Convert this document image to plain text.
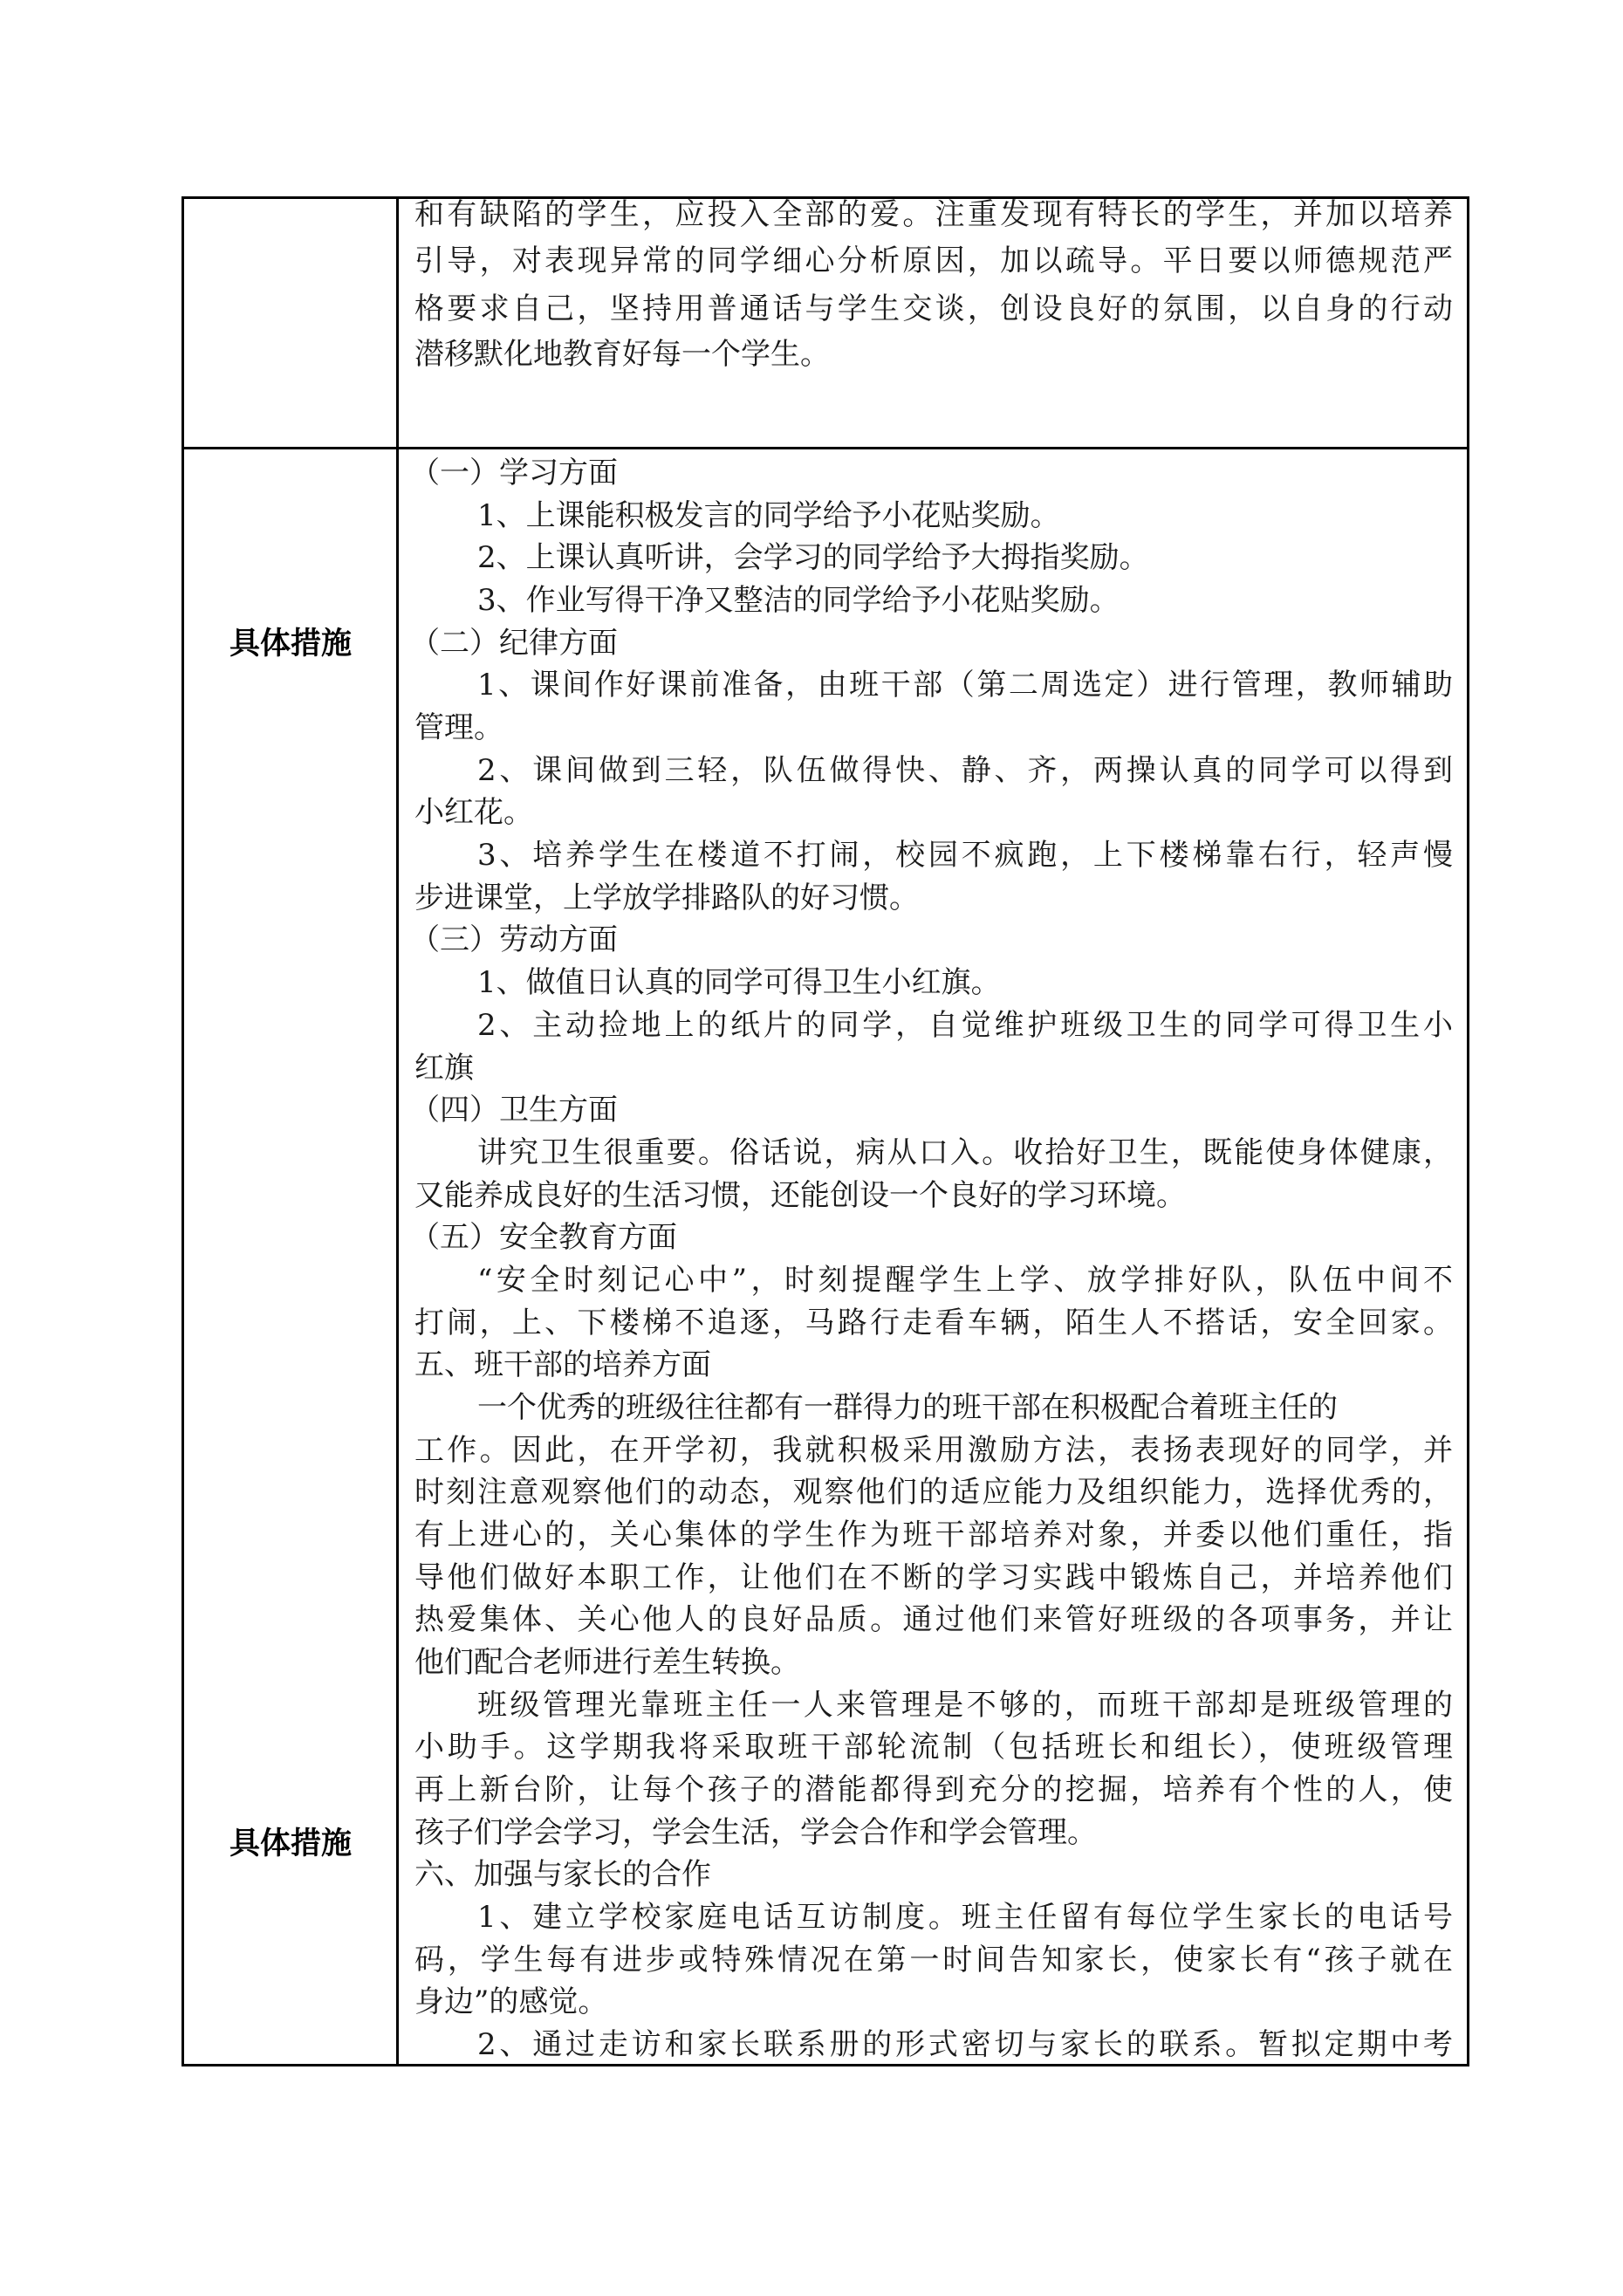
和有缺陷的学生，应投入全部的爱。注重发现有特长的学生，并加以培养
引导，对表现异常的同学细心分析原因，加以疏导。平日要以师德规范严
格要求自己，坚持用普通话与学生交谈，创设良好的氛围，以自身的行动
潜移默化地教育好每一个学生。
具体措施
具体措施
（一）学习方面
1、上课能积极发言的同学给予小花贴奖励。
2、上课认真听讲，会学习的同学给予大拇指奖励。
3、作业写得干净又整洁的同学给予小花贴奖励。
（二）纪律方面
1、课间作好课前准备，由班干部（第二周选定）进行管理，教师辅助
管理。
2、课间做到三轻，队伍做得快、静、齐，两操认真的同学可以得到
小红花。
3、培养学生在楼道不打闹，校园不疯跑，上下楼梯靠右行，轻声慢
步进课堂，上学放学排路队的好习惯。
（三）劳动方面
1、做值日认真的同学可得卫生小红旗。
2、主动捡地上的纸片的同学，自觉维护班级卫生的同学可得卫生小
红旗
（四）卫生方面
讲究卫生很重要。俗话说，病从口入。收拾好卫生，既能使身体健康，
又能养成良好的生活习惯，还能创设一个良好的学习环境。
（五）安全教育方面
“安全时刻记心中”，时刻提醒学生上学、放学排好队，队伍中间不
打闹，上、下楼梯不追逐，马路行走看车辆，陌生人不搭话，安全回家。
五、班干部的培养方面
一个优秀的班级往往都有一群得力的班干部在积极配合着班主任的
工作。因此，在开学初，我就积极采用激励方法，表扬表现好的同学，并
时刻注意观察他们的动态，观察他们的适应能力及组织能力，选择优秀的，
有上进心的，关心集体的学生作为班干部培养对象，并委以他们重任，指
导他们做好本职工作，让他们在不断的学习实践中锻炼自己，并培养他们
热爱集体、关心他人的良好品质。通过他们来管好班级的各项事务，并让
他们配合老师进行差生转换。
班级管理光靠班主任一人来管理是不够的，而班干部却是班级管理的
小助手。这学期我将采取班干部轮流制（包括班长和组长），使班级管理
再上新台阶，让每个孩子的潜能都得到充分的挖掘，培养有个性的人，使
孩子们学会学习，学会生活，学会合作和学会管理。
六、加强与家长的合作
1、建立学校家庭电话互访制度。班主任留有每位学生家长的电话号
码，学生每有进步或特殊情况在第一时间告知家长，使家长有“孩子就在
身边”的感觉。
2、通过走访和家长联系册的形式密切与家长的联系。暂拟定期中考
